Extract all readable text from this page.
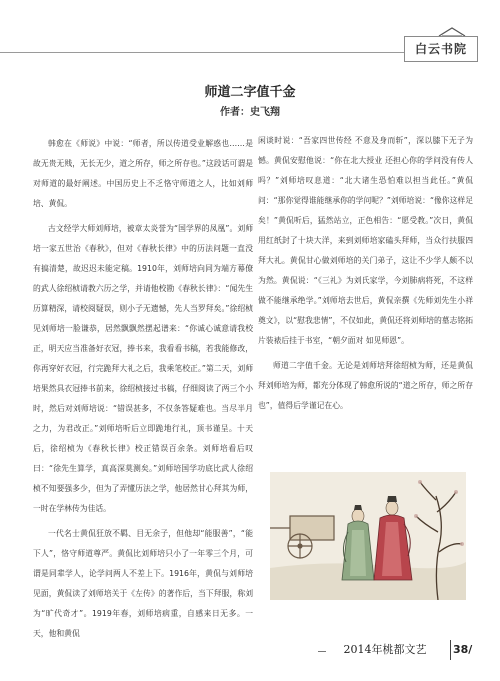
白云书院
师道二字值千金
作者：史飞翔

韩愈在《师说》中说：“师者，所以传道受业解惑也……是故无贵无贱，无长无少，道之所存，师之所存也。”这段话可谓是对师道的最好阐述。中国历史上不乏恪守师道之人，比如刘师培、黄侃。

古文经学大师刘师培，被章太炎誉为“国学界的凤凰”。刘师培一家五世治《春秋》，但对《春秋长律》中的历法问题一直没有搞清楚，故迟迟未能定稿。1910年，刘师培向同为端方幕僚的武人徐绍桢请教六历之学，并请他校勘《春秋长律》：“闻先生历算精深，请校阅疑误，则小子无遗憾，先人当罗拜矣。”徐绍桢见刘师培一脸谦恭，居然飘飘然摆起谱来：“你诚心诚意请我校正，明天应当准备好衣冠，捧书来，我看看书稿，若我能修改，你再穿好衣冠，行完跪拜大礼之后，我乘笔校正。”第二天，刘师培果然具衣冠捧书前来，徐绍桢接过书稿，仔细阅读了两三个小时，然后对刘师培说：“错误甚多，不仅条答疑难也。当尽半月之力，为君改正。”刘师培听后立即跪地行礼，顶书谨呈。十天后，徐绍桢为《春秋长律》校正错误百余条。刘师培看后叹曰：“徐先生算学，真高深莫测矣。”刘师培国学功底比武人徐绍桢不知要强多少，但为了弄懂历法之学，他居然甘心拜其为师，一时在学林传为佳话。

一代名士黄侃狂放不羁、目无余子，但他却“能服善”，“能下人”，恪守师道尊严。黄侃比刘师培只小了一年零三个月，可谓是同辈学人，论学问两人不差上下。1916年，黄侃与刘师培见面，黄侃读了刘师培关于《左传》的著作后，当下拜服，称刘为“旷代奇才”。1919年春，刘师培病重，自感来日无多。一天，他和黄侃

闲谈时说：“吾家四世传经 不意及身而斩”，深以膝下无子为憾。黄侃安慰他说：“你在北大授业 还担心你的学问没有传人吗？”刘师培叹息道：“北大诸生恐怕难以担当此任。”黄侃问：“那你觉得谁能继承你的学问呢？”刘师培说：“像你这样足矣！”黄侃听后，猛然站立，正色相告：“愿受教。”次日，黄侃用红纸封了十块大洋，来到刘师培家磕头拜师，当众行扶服四拜大礼。黄侃甘心做刘师培的关门弟子，这让不少学人颇不以为然。黄侃说：“《三礼》为刘氏家学，今刘肺病将死，不这样做不能继承绝学。”刘师培去世后，黄侃亲撰《先师刘先生小祥奠文》，以“慰我悲情”，不仅如此，黄侃还将刘师培的墓志铭拓片装裱后挂于书室，“朝夕面对 如见师恩”。

师道二字值千金。无论是刘师培拜徐绍桢为师，还是黄侃拜刘师培为师，都充分体现了韩愈所说的“道之所存，师之所存也”，值得后学谨记在心。

2014年桃都文艺	38/
